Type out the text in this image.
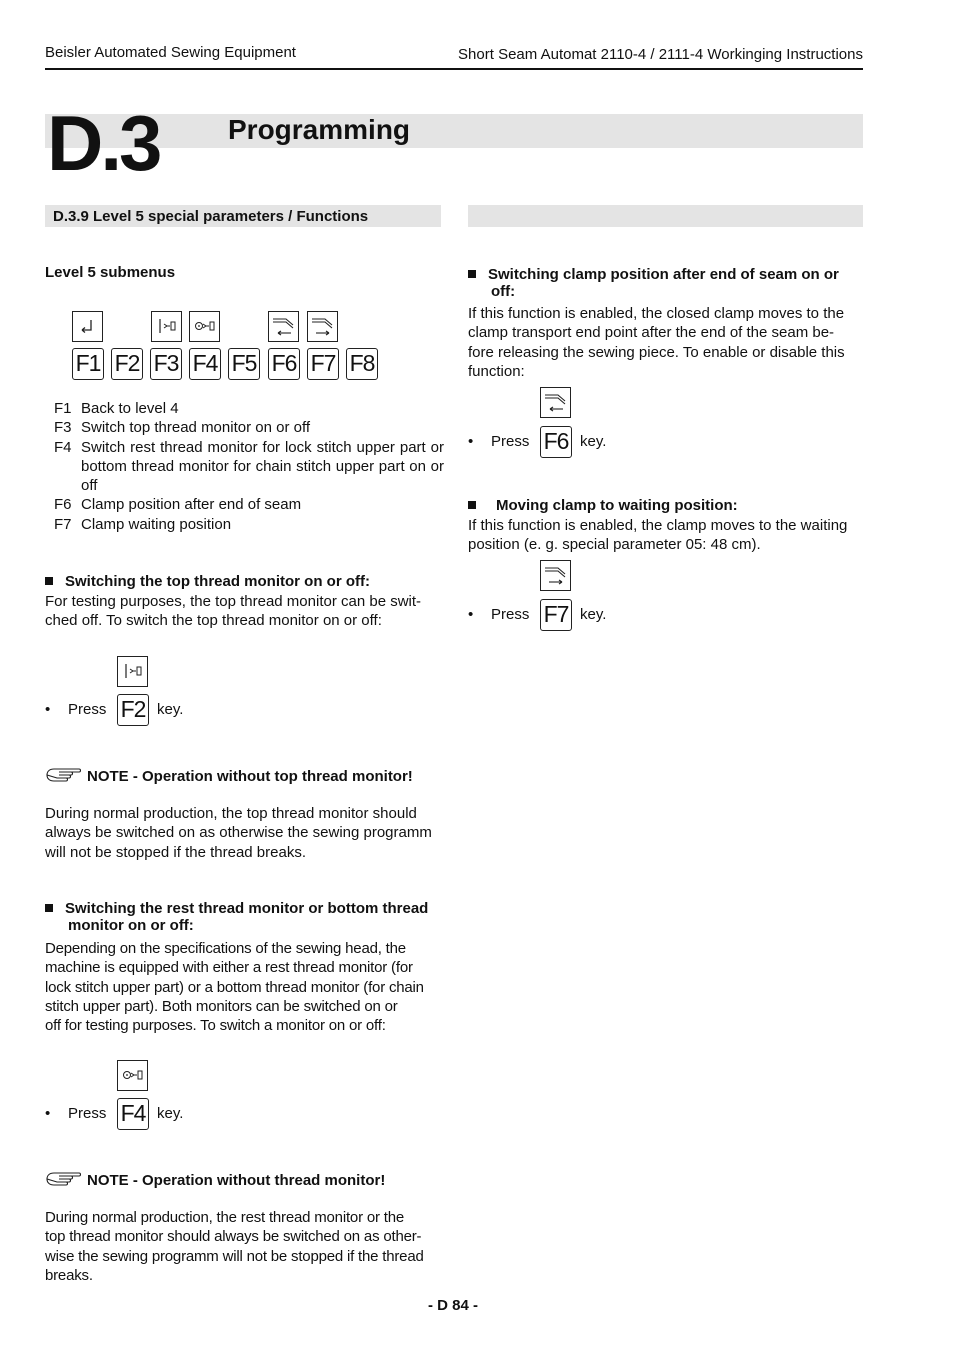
Beisler Automated Sewing Equipment	Short Seam Automat 2110-4 / 2111-4 Workinging Instructions
D.3 Programming
D.3.9 Level 5 special parameters / Functions
Level 5 submenus
F1 F2 F3 F4 F5 F6 F7 F8
F1 Back to level 4
F3 Switch top thread monitor on or off
F4 Switch rest thread monitor for lock stitch upper part or bottom thread monitor for chain stitch upper part on or off
F6 Clamp position after end of seam
F7 Clamp waiting position
Switching the top thread monitor on or off:
For testing purposes, the top thread monitor can be swit-
ched off. To switch the top thread monitor on or off:
• Press F2 key.
NOTE - Operation without top thread monitor!
During normal production, the top thread monitor should
always be switched on as otherwise the sewing programm
will not be stopped if the thread breaks.
Switching the rest thread monitor or bottom thread
monitor on or off:
Depending on the specifications of the sewing head, the
machine is equipped with either a rest thread monitor (for
lock stitch upper part) or a bottom thread monitor (for chain
stitch upper part). Both monitors can be switched on or
off for testing purposes. To switch a monitor on or off:
• Press F4 key.
NOTE - Operation without thread monitor!
During normal production, the rest thread monitor or the
top thread monitor should always be switched on as other-
wise the sewing programm will not be stopped if the thread
breaks.
Switching clamp position after end of seam on or
off:
If this function is enabled, the closed clamp moves to the
clamp transport end point after the end of the seam be-
fore releasing the sewing piece. To enable or disable this
function:
• Press F6 key.
Moving clamp to waiting position:
If this function is enabled, the clamp moves to the waiting
position (e. g. special parameter 05: 48 cm).
• Press F7 key.
- D 84 -
